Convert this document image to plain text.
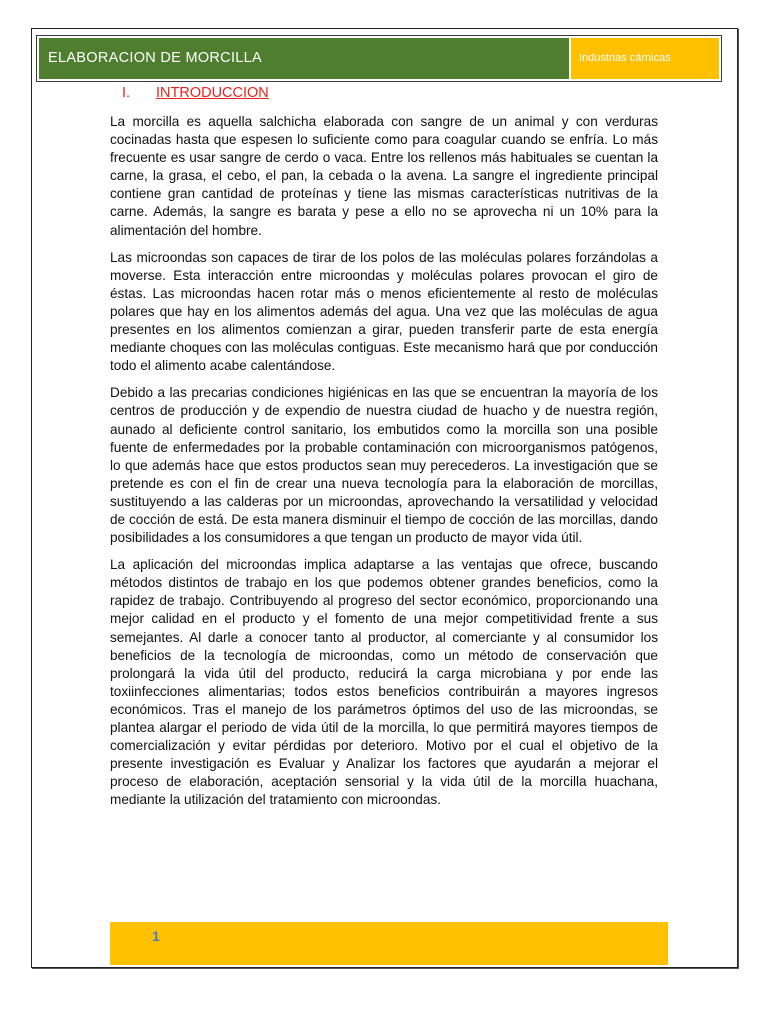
ELABORACION DE MORCILLA	Industrias cárnicas
I. INTRODUCCION

La morcilla es aquella salchicha elaborada con sangre de un animal y con verduras cocinadas hasta que espesen lo suficiente como para coagular cuando se enfría. Lo más frecuente es usar sangre de cerdo o vaca. Entre los rellenos más habituales se cuentan la carne, la grasa, el cebo, el pan, la cebada o la avena. La sangre el ingrediente principal contiene gran cantidad de proteínas y tiene las mismas características nutritivas de la carne. Además, la sangre es barata y pese a ello no se aprovecha ni un 10% para la alimentación del hombre.

Las microondas son capaces de tirar de los polos de las moléculas polares forzándolas a moverse. Esta interacción entre microondas y moléculas polares provocan el giro de éstas. Las microondas hacen rotar más o menos eficientemente al resto de moléculas polares que hay en los alimentos además del agua. Una vez que las moléculas de agua presentes en los alimentos comienzan a girar, pueden transferir parte de esta energía mediante choques con las moléculas contiguas. Este mecanismo hará que por conducción todo el alimento acabe calentándose.

Debido a las precarias condiciones higiénicas en las que se encuentran la mayoría de los centros de producción y de expendio de nuestra ciudad de huacho y de nuestra región, aunado al deficiente control sanitario, los embutidos como la morcilla son una posible fuente de enfermedades por la probable contaminación con microorganismos patógenos, lo que además hace que estos productos sean muy perecederos. La investigación que se pretende es con el fin de crear una nueva tecnología para la elaboración de morcillas, sustituyendo a las calderas por un microondas, aprovechando la versatilidad y velocidad de cocción de está. De esta manera disminuir el tiempo de cocción de las morcillas, dando posibilidades a los consumidores a que tengan un producto de mayor vida útil.

La aplicación del microondas implica adaptarse a las ventajas que ofrece, buscando métodos distintos de trabajo en los que podemos obtener grandes beneficios, como la rapidez de trabajo. Contribuyendo al progreso del sector económico, proporcionando una mejor calidad en el producto y el fomento de una mejor competitividad frente a sus semejantes. Al darle a conocer tanto al productor, al comerciante y al consumidor los beneficios de la tecnología de microondas, como un método de conservación que prolongará la vida útil del producto, reducirá la carga microbiana y por ende las toxiinfecciones alimentarias; todos estos beneficios contribuirán a mayores ingresos económicos. Tras el manejo de los parámetros óptimos del uso de las microondas, se plantea alargar el periodo de vida útil de la morcilla, lo que permitirá mayores tiempos de comercialización y evitar pérdidas por deterioro. Motivo por el cual el objetivo de la presente investigación es Evaluar y Analizar los factores que ayudarán a mejorar el proceso de elaboración, aceptación sensorial y la vida útil de la morcilla huachana, mediante la utilización del tratamiento con microondas.

1
